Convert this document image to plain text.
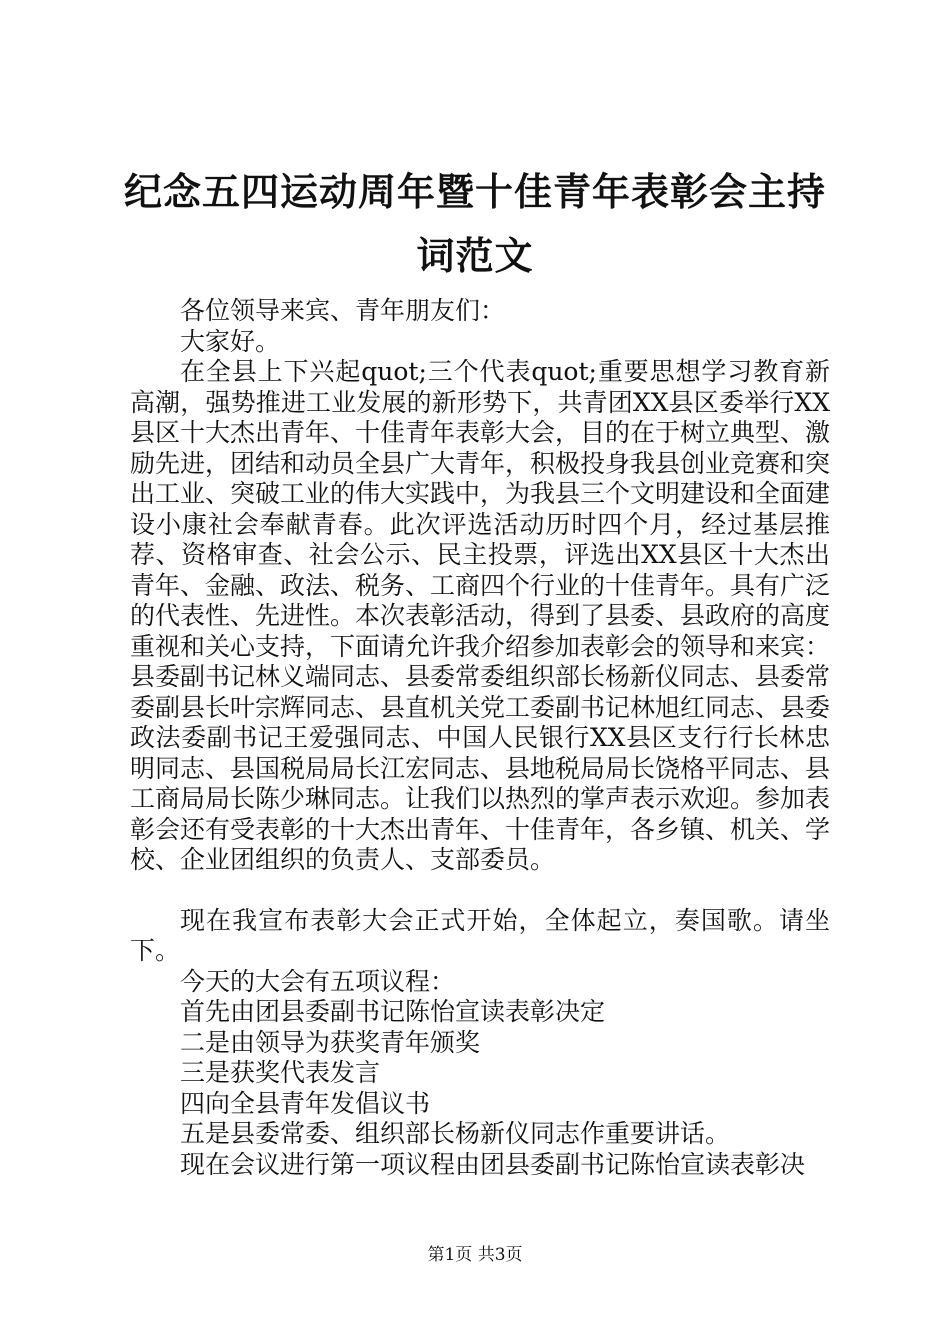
纪念五四运动周年暨十佳青年表彰会主持词范文

各位领导来宾、青年朋友们：

大家好。

在全县上下兴起quot;三个代表quot;重要思想学习教育新高潮，强势推进工业发展的新形势下，共青团XX县区委举行XX县区十大杰出青年、十佳青年表彰大会，目的在于树立典型、激励先进，团结和动员全县广大青年，积极投身我县创业竞赛和突出工业、突破工业的伟大实践中，为我县三个文明建设和全面建设小康社会奉献青春。此次评选活动历时四个月，经过基层推荐、资格审查、社会公示、民主投票，评选出XX县区十大杰出青年、金融、政法、税务、工商四个行业的十佳青年。具有广泛的代表性、先进性。本次表彰活动，得到了县委、县政府的高度重视和关心支持，下面请允许我介绍参加表彰会的领导和来宾：县委副书记林义端同志、县委常委组织部长杨新仪同志、县委常委副县长叶宗辉同志、县直机关党工委副书记林旭红同志、县委政法委副书记王爱强同志、中国人民银行XX县区支行行长林忠明同志、县国税局局长江宏同志、县地税局局长饶格平同志、县工商局局长陈少琳同志。让我们以热烈的掌声表示欢迎。参加表彰会还有受表彰的十大杰出青年、十佳青年，各乡镇、机关、学校、企业团组织的负责人、支部委员。

现在我宣布表彰大会正式开始，全体起立，奏国歌。请坐下。

今天的大会有五项议程：

首先由团县委副书记陈怡宣读表彰决定

二是由领导为获奖青年颁奖

三是获奖代表发言

四向全县青年发倡议书

五是县委常委、组织部长杨新仪同志作重要讲话。

现在会议进行第一项议程由团县委副书记陈怡宣读表彰决

第1页 共3页
